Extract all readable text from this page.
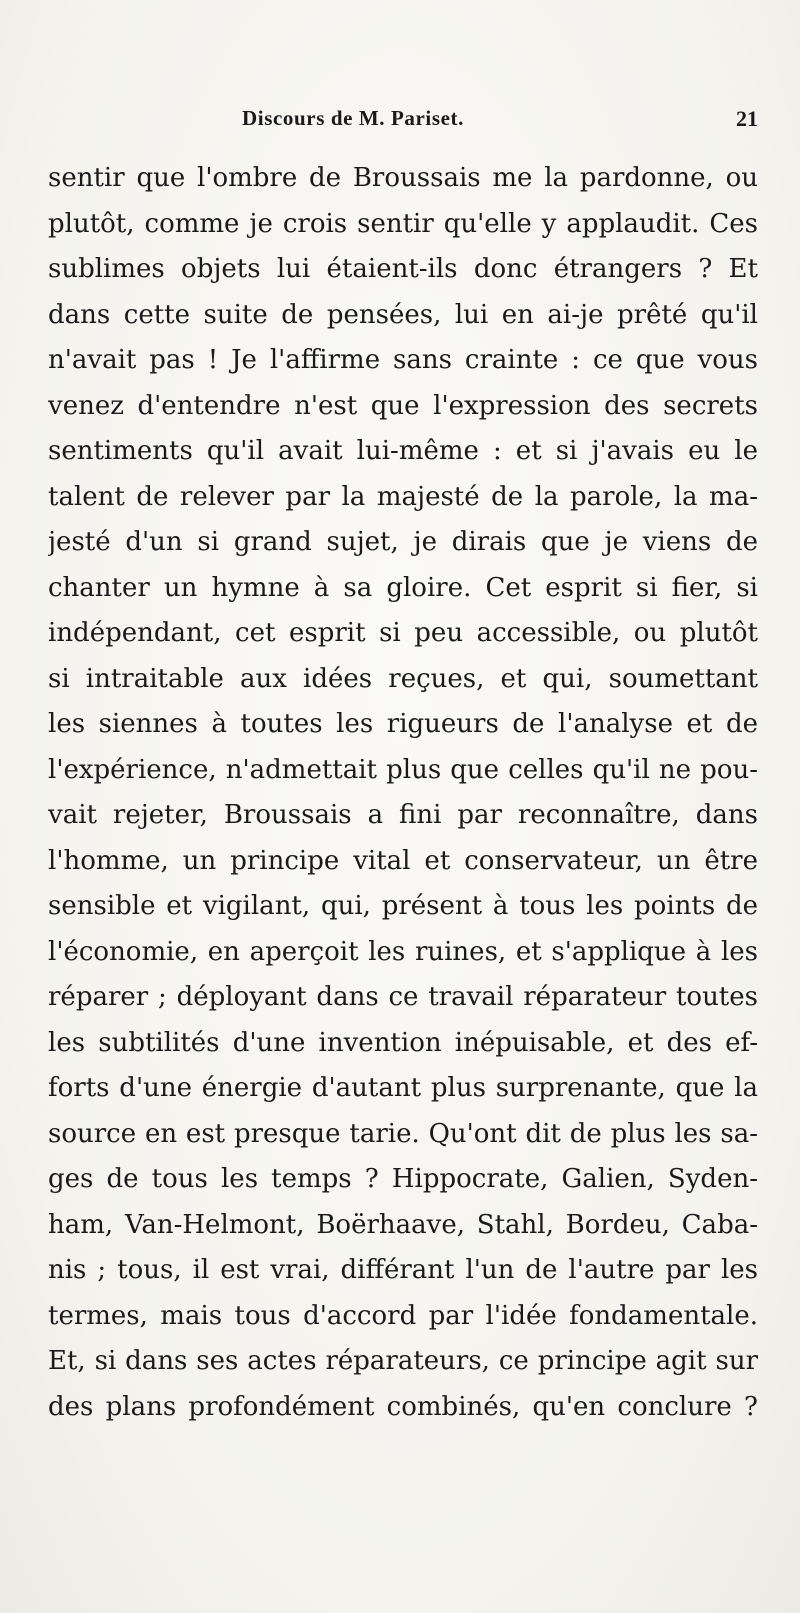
Discours de M. Pariset.	21
sentir que l'ombre de Broussais me la pardonne, ou
plutôt, comme je crois sentir qu'elle y applaudit. Ces
sublimes objets lui étaient-ils donc étrangers ? Et
dans cette suite de pensées, lui en ai-je prêté qu'il
n'avait pas ! Je l'affirme sans crainte : ce que vous
venez d'entendre n'est que l'expression des secrets
sentiments qu'il avait lui-même : et si j'avais eu le
talent de relever par la majesté de la parole, la ma-
jesté d'un si grand sujet, je dirais que je viens de
chanter un hymne à sa gloire. Cet esprit si fier, si
indépendant, cet esprit si peu accessible, ou plutôt
si intraitable aux idées reçues, et qui, soumettant
les siennes à toutes les rigueurs de l'analyse et de
l'expérience, n'admettait plus que celles qu'il ne pou-
vait rejeter, Broussais a fini par reconnaître, dans
l'homme, un principe vital et conservateur, un être
sensible et vigilant, qui, présent à tous les points de
l'économie, en aperçoit les ruines, et s'applique à les
réparer ; déployant dans ce travail réparateur toutes
les subtilités d'une invention inépuisable, et des ef-
forts d'une énergie d'autant plus surprenante, que la
source en est presque tarie. Qu'ont dit de plus les sa-
ges de tous les temps ? Hippocrate, Galien, Syden-
ham, Van-Helmont, Boërhaave, Stahl, Bordeu, Caba-
nis ; tous, il est vrai, différant l'un de l'autre par les
termes, mais tous d'accord par l'idée fondamentale.
Et, si dans ses actes réparateurs, ce principe agit sur
des plans profondément combinés, qu'en conclure ?
